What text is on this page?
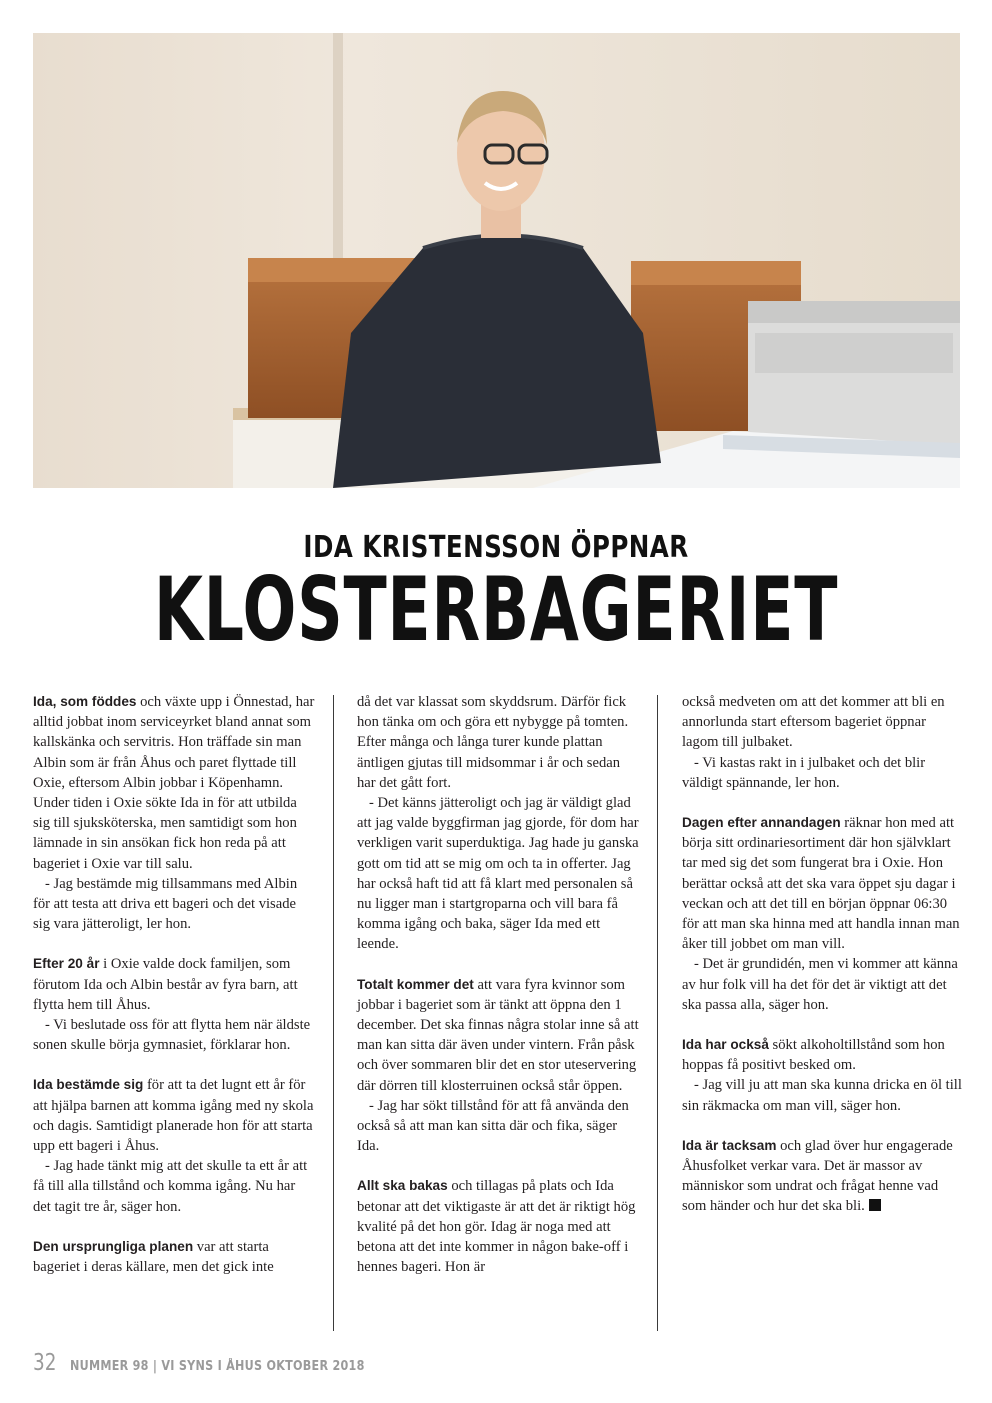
IDA KRISTENSSON ÖPPNAR
KLOSTERBAGERIET

Ida, som föddes och växte upp i Önnestad, har alltid jobbat inom serviceyrket bland annat som kallskänka och servitris. Hon träffade sin man Albin som är från Åhus och paret flyttade till Oxie, eftersom Albin jobbar i Köpenhamn. Under tiden i Oxie sökte Ida in för att utbilda sig till sjuksköterska, men samtidigt som hon lämnade in sin ansökan fick hon reda på att bageriet i Oxie var till salu.

- Jag bestämde mig tillsammans med Albin för att testa att driva ett bageri och det visade sig vara jätteroligt, ler hon.

Efter 20 år i Oxie valde dock familjen, som förutom Ida och Albin består av fyra barn, att flytta hem till Åhus.

- Vi beslutade oss för att flytta hem när äldste sonen skulle börja gymnasiet, förklarar hon.

Ida bestämde sig för att ta det lugnt ett år för att hjälpa barnen att komma igång med ny skola och dagis. Samtidigt planerade hon för att starta upp ett bageri i Åhus.

- Jag hade tänkt mig att det skulle ta ett år att få till alla tillstånd och komma igång. Nu har det tagit tre år, säger hon.

Den ursprungliga planen var att starta bageriet i deras källare, men det gick inte

då det var klassat som skyddsrum. Därför fick hon tänka om och göra ett nybygge på tomten. Efter många och långa turer kunde plattan äntligen gjutas till midsommar i år och sedan har det gått fort.

- Det känns jätteroligt och jag är väldigt glad att jag valde byggfirman jag gjorde, för dom har verkligen varit superduktiga. Jag hade ju ganska gott om tid att se mig om och ta in offerter. Jag har också haft tid att få klart med personalen så nu ligger man i startgroparna och vill bara få komma igång och baka, säger Ida med ett leende.

Totalt kommer det att vara fyra kvinnor som jobbar i bageriet som är tänkt att öppna den 1 december. Det ska finnas några stolar inne så att man kan sitta där även under vintern. Från påsk och över sommaren blir det en stor uteservering där dörren till klosterruinen också står öppen.

- Jag har sökt tillstånd för att få använda den också så att man kan sitta där och fika, säger Ida.

Allt ska bakas och tillagas på plats och Ida betonar att det viktigaste är att det är riktigt hög kvalité på det hon gör. Idag är noga med att betona att det inte kommer in någon bake-off i hennes bageri. Hon är

också medveten om att det kommer att bli en annorlunda start eftersom bageriet öppnar lagom till julbaket.

- Vi kastas rakt in i julbaket och det blir väldigt spännande, ler hon.

Dagen efter annandagen räknar hon med att börja sitt ordinariesortiment där hon självklart tar med sig det som fungerat bra i Oxie. Hon berättar också att det ska vara öppet sju dagar i veckan och att det till en början öppnar 06:30 för att man ska hinna med att handla innan man åker till jobbet om man vill.

- Det är grundidén, men vi kommer att känna av hur folk vill ha det för det är viktigt att det ska passa alla, säger hon.

Ida har också sökt alkoholtillstånd som hon hoppas få positivt besked om.

- Jag vill ju att man ska kunna dricka en öl till sin räkmacka om man vill, säger hon.

Ida är tacksam och glad över hur engagerade Åhusfolket verkar vara. Det är massor av människor som undrat och frågat henne vad som händer och hur det ska bli.

32 NUMMER 98 | VI SYNS I ÅHUS OKTOBER 2018
